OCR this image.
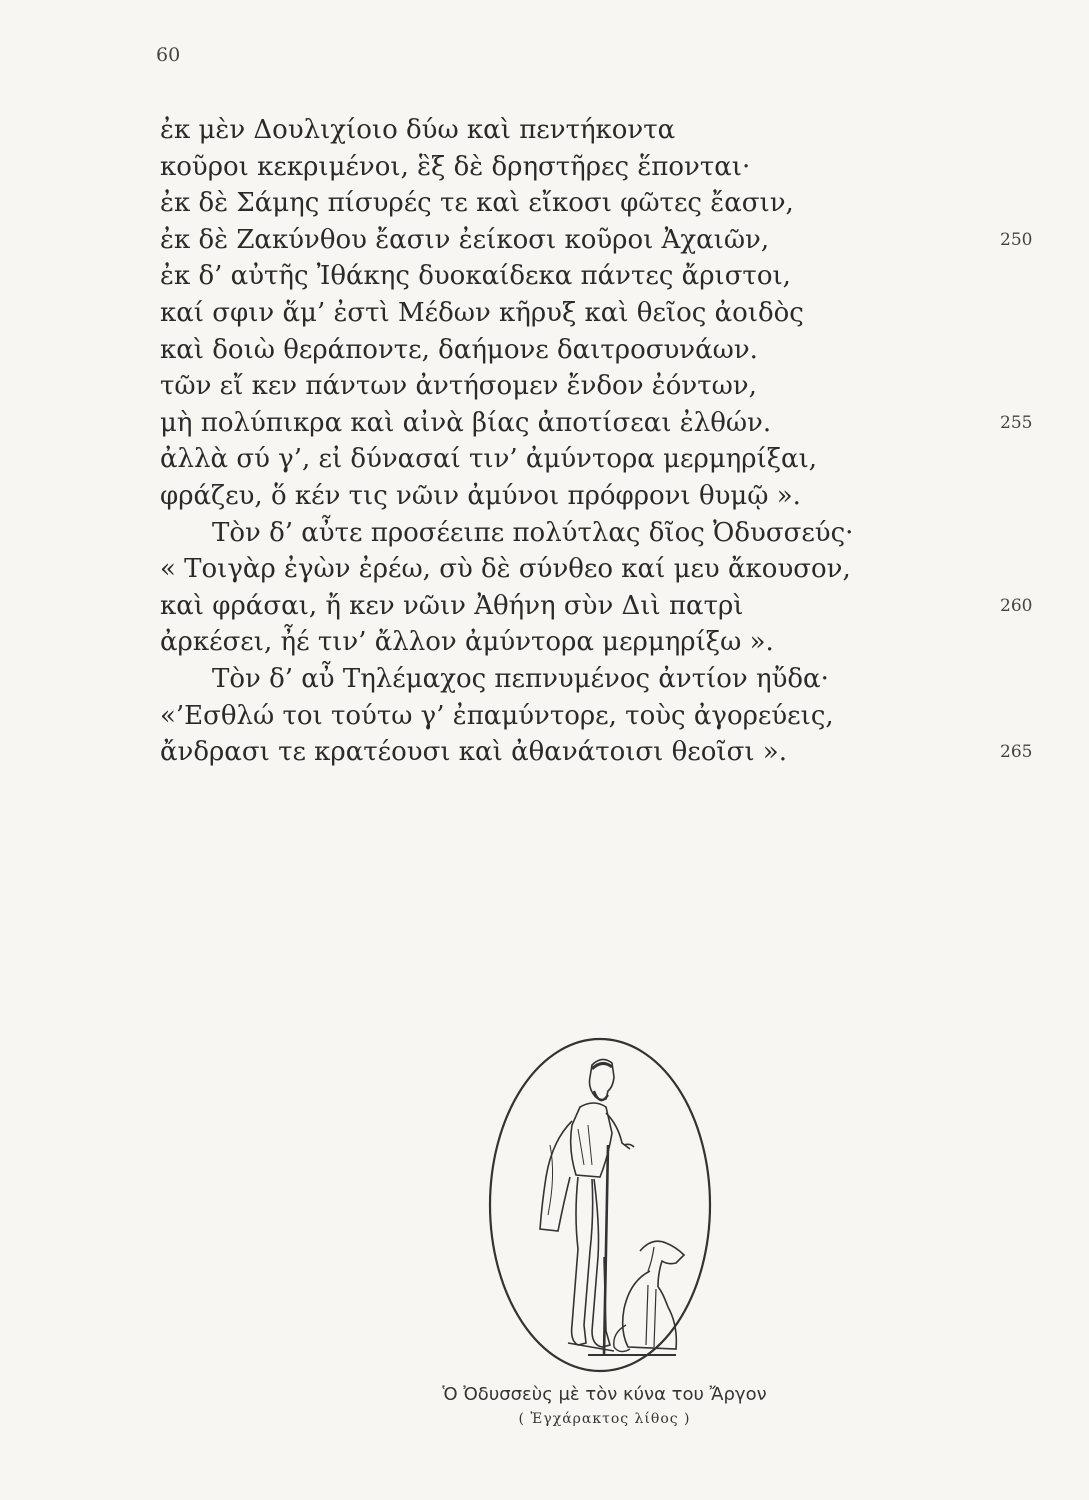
60
ἐκ μὲν Δουλιχίοιο δύω καὶ πεντήκοντα
κοῦροι κεκριμένοι, ἓξ δὲ δρηστῆρες ἕπονται·
ἐκ δὲ Σάμης πίσυρές τε καὶ εἴκοσι φῶτες ἔασιν,
ἐκ δὲ Ζακύνθου ἔασιν ἐείκοσι κοῦροι Ἀχαιῶν,	250
ἐκ δ’ αὐτῆς Ἰθάκης δυοκαίδεκα πάντες ἄριστοι,
καί σφιν ἅμ’ ἐστὶ Μέδων κῆρυξ καὶ θεῖος ἀοιδὸς
καὶ δοιὼ θεράποντε, δαήμονε δαιτροσυνάων.
τῶν εἴ κεν πάντων ἀντήσομεν ἔνδον ἐόντων,
μὴ πολύπικρα καὶ αἰνὰ βίας ἀποτίσεαι ἐλθών.	255
ἀλλὰ σύ γ’, εἰ δύνασαί τιν’ ἀμύντορα μερμηρίξαι,
φράζευ, ὅ κέν τις νῶιν ἀμύνοι πρόφρονι θυμῷ ».
Τὸν δ’ αὖτε προσέειπε πολύτλας δῖος Ὀδυσσεύς·
« Τοιγὰρ ἐγὼν ἐρέω, σὺ δὲ σύνθεο καί μευ ἄκουσον,
καὶ φράσαι, ἤ κεν νῶιν Ἀθήνη σὺν Διὶ πατρὶ	260
ἀρκέσει, ἦέ τιν’ ἄλλον ἀμύντορα μερμηρίξω ».
Τὸν δ’ αὖ Τηλέμαχος πεπνυμένος ἀντίον ηὔδα·
«’Εσθλώ τοι τούτω γ’ ἐπαμύντορε, τοὺς ἀγορεύεις,
ἄνδρασι τε κρατέουσι καὶ ἀθανάτοισι θεοῖσι ».	265
Ὁ Ὀδυσσεὺς μὲ τὸν κύνα του Ἄργον
( Ἐγχάρακτος λίθος )
